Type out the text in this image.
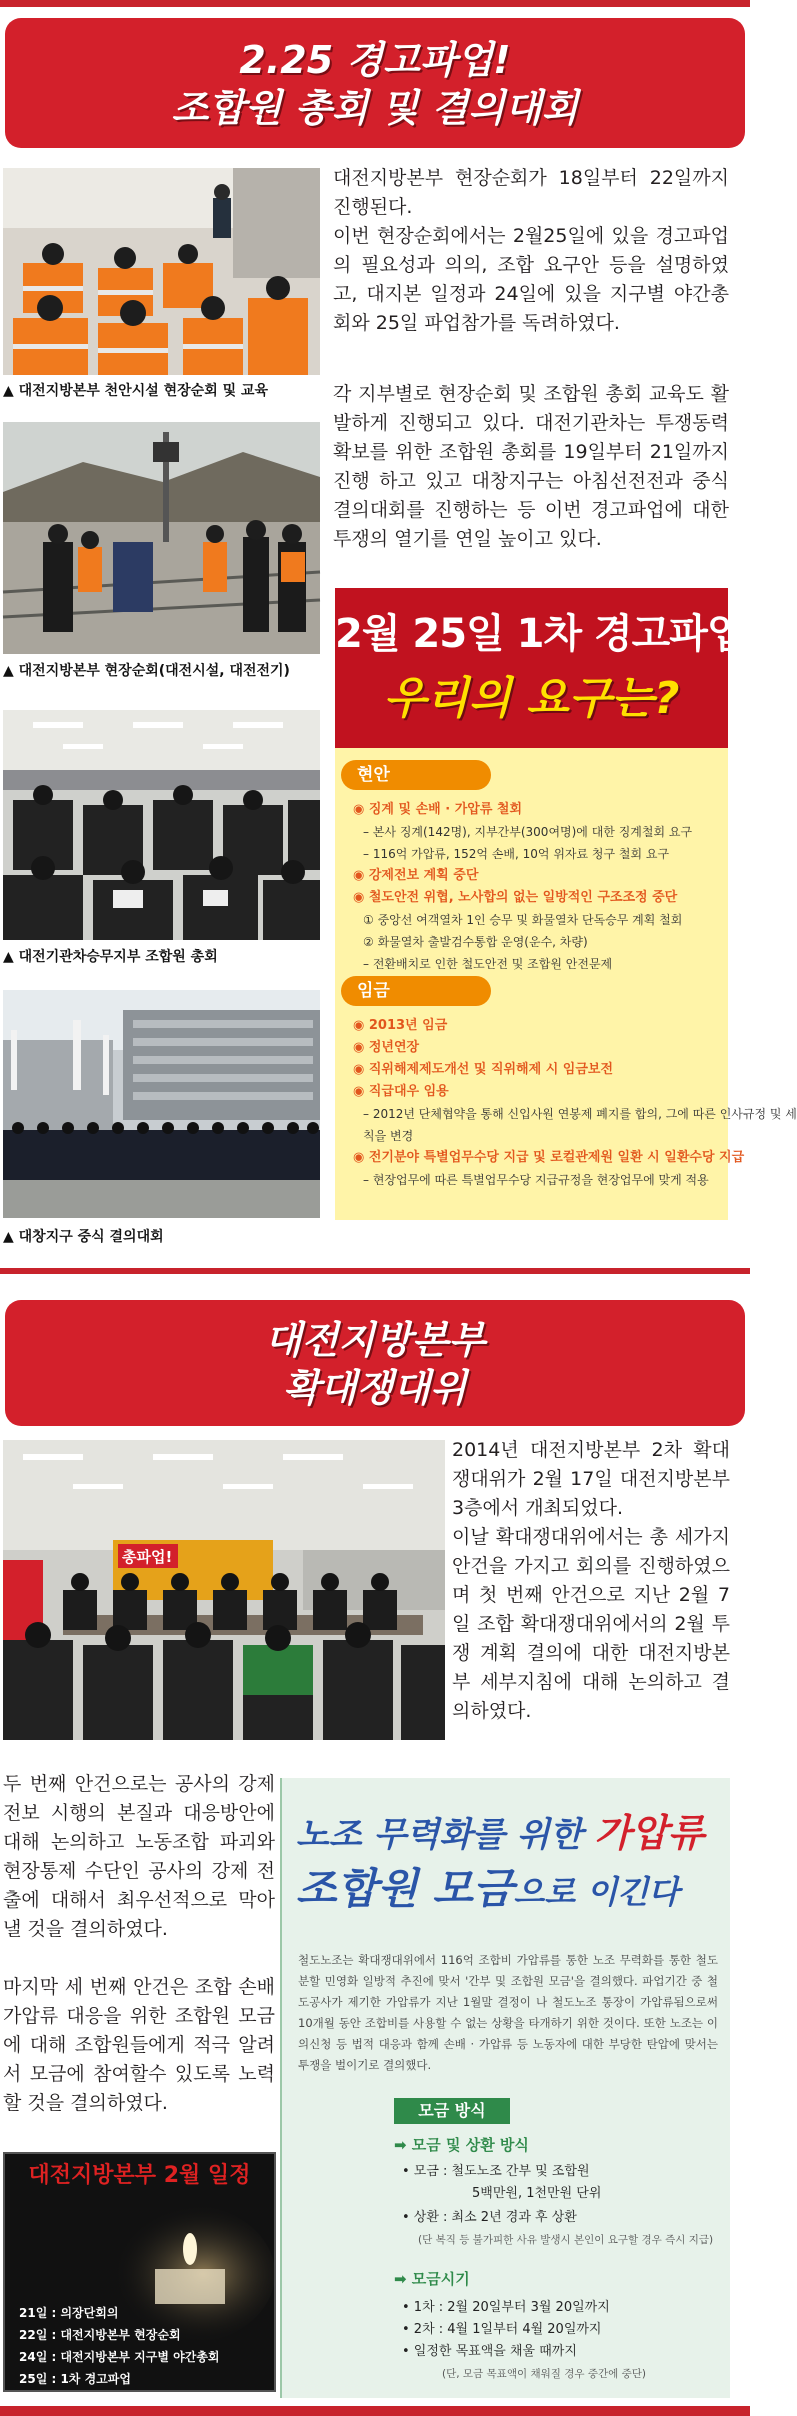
2.25 경고파업!
조합원 총회 및 결의대회
▲ 대전지방본부 천안시설 현장순회 및 교육
▲ 대전지방본부 현장순회(대전시설, 대전전기)
▲ 대전기관차승무지부 조합원 총회
▲ 대창지구 중식 결의대회

대전지방본부 현장순회가 18일부터 22일까지 진행된다.

이번 현장순회에서는 2월25일에 있을 경고파업의 필요성과 의의, 조합 요구안 등을 설명하였고, 대지본 일정과 24일에 있을 지구별 야간총회와 25일 파업참가를 독려하였다.

각 지부별로 현장순회 및 조합원 총회 교육도 활발하게 진행되고 있다. 대전기관차는 투쟁동력 확보를 위한 조합원 총회를 19일부터 21일까지 진행 하고 있고 대창지구는 아침선전전과 중식결의대회를 진행하는 등 이번 경고파업에 대한 투쟁의 열기를 연일 높이고 있다.
2월 25일 1차 경고파업!
우리의 요구는?
현안
◉ 징계 및 손배 · 가압류 철회
– 본사 징계(142명), 지부간부(300여명)에 대한 징계철회 요구
– 116억 가압류, 152억 손배, 10억 위자료 청구 철회 요구
◉ 강제전보 계획 중단
◉ 철도안전 위협, 노사합의 없는 일방적인 구조조정 중단
① 중앙선 여객열차 1인 승무 및 화물열차 단독승무 계획 철회
② 화물열차 출발검수통합 운영(운수, 차량)
– 전환배치로 인한 철도안전 및 조합원 안전문제
임금
◉ 2013년 임금
◉ 정년연장
◉ 직위해제제도개선 및 직위해제 시 임금보전
◉ 직급대우 임용
– 2012년 단체협약을 통해 신입사원 연봉제 폐지를 합의, 그에 따른 인사규정 및 세
칙을 변경
◉ 전기분야 특별업무수당 지급 및 로컬관제원 일환 시 일환수당 지급
– 현장업무에 따른 특별업무수당 지급규정을 현장업무에 맞게 적용
대전지방본부
확대쟁대위
총파업!

2014년 대전지방본부 2차 확대쟁대위가 2월 17일 대전지방본부 3층에서 개최되었다.

이날 확대쟁대위에서는 총 세가지 안건을 가지고 회의를 진행하였으며 첫 번째 안건으로 지난 2월 7일 조합 확대쟁대위에서의 2월 투쟁 계획 결의에 대한 대전지방본부 세부지침에 대해 논의하고 결의하였다.

두 번째 안건으로는 공사의 강제전보 시행의 본질과 대응방안에 대해 논의하고 노동조합 파괴와 현장통제 수단인 공사의 강제 전출에 대해서 최우선적으로 막아낼 것을 결의하였다.

마지막 세 번째 안건은 조합 손배 가압류 대응을 위한 조합원 모금에 대해 조합원들에게 적극 알려서 모금에 참여할수 있도록 노력할 것을 결의하였다.

노조 무력화를 위한 가압류
조합원 모금으로 이긴다
철도노조는 확대쟁대위에서 116억 조합비 가압류를 통한 노조 무력화를 통한 철도 분할 민영화 일방적 추진에 맞서 '간부 및 조합원 모금'을 결의했다. 파업기간 중 철도공사가 제기한 가압류가 지난 1월말 결정이 나 철도노조 통장이 가압류됨으로써 10개월 동안 조합비를 사용할 수 없는 상황을 타개하기 위한 것이다. 또한 노조는 이의신청 등 법적 대응과 함께 손배 · 가압류 등 노동자에 대한 부당한 탄압에 맞서는 투쟁을 벌이기로 결의했다.
모금 방식
➡ 모금 및 상환 방식
• 모금 : 철도노조 간부 및 조합원
5백만원, 1천만원 단위
• 상환 : 최소 2년 경과 후 상환
(단 복직 등 불가피한 사유 발생시 본인이 요구할 경우 즉시 지급)
➡ 모금시기
• 1차 : 2월 20일부터 3월 20일까지
• 2차 : 4월 1일부터 4월 20일까지
• 일정한 목표액을 채울 때까지
(단, 모금 목표액이 채워질 경우 중간에 중단)
대전지방본부 2월 일정
21일 : 의장단회의
22일 : 대전지방본부 현장순회
24일 : 대전지방본부 지구별 야간총회
25일 : 1차 경고파업
